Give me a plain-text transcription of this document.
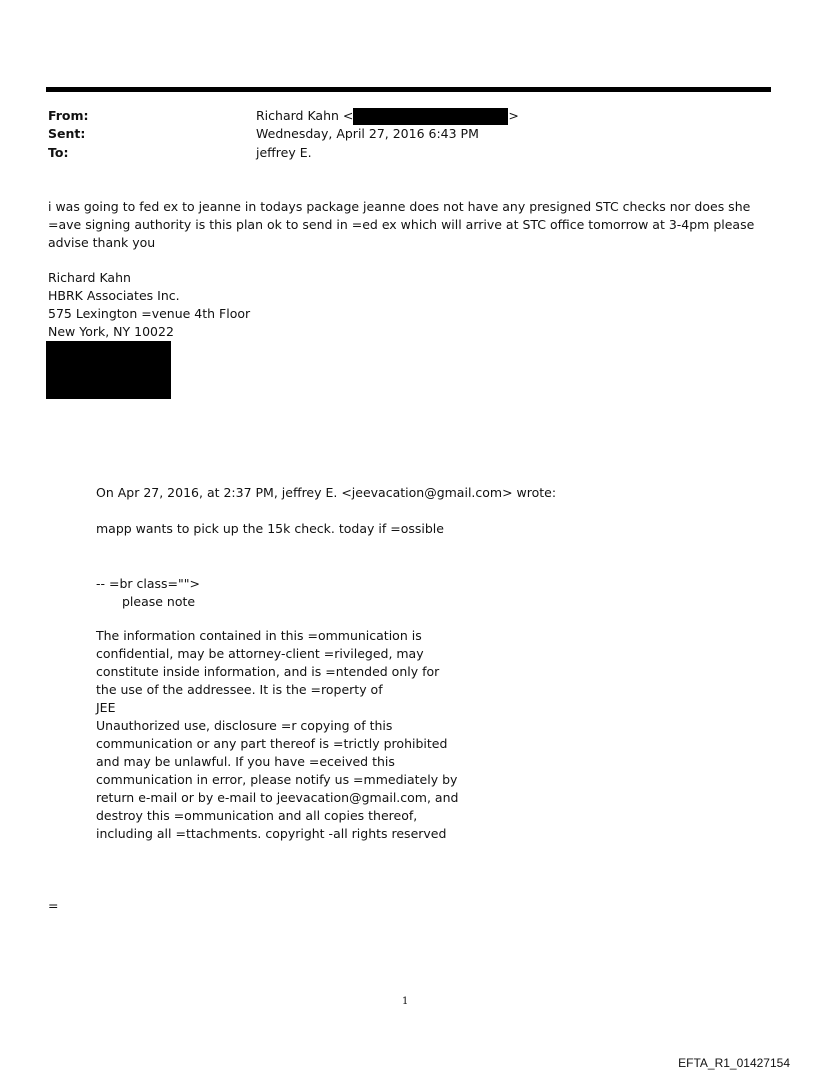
From:	Richard Kahn <	>
Sent:	Wednesday, April 27, 2016 6:43 PM
To:	jeffrey E.
i was going to fed ex to jeanne in todays package jeanne does not have any presigned STC checks nor does she =ave signing authority is this plan ok to send in =ed ex which will arrive at STC office tomorrow at 3-4pm please advise thank you
Richard Kahn
HBRK Associates Inc.
575 Lexington =venue 4th Floor
New York, NY 10022
On Apr 27, 2016, at 2:37 PM, jeffrey E. <jeevacation@gmail.com> wrote:
mapp wants to pick up the 15k check. today if =ossible
-- =br class="">
please note
The information contained in this =ommunication is
confidential, may be attorney-client =rivileged, may
constitute inside information, and is =ntended only for
the use of the addressee. It is the =roperty of
JEE
Unauthorized use, disclosure =r copying of this
communication or any part thereof is =trictly prohibited
and may be unlawful. If you have =eceived this
communication in error, please notify us =mmediately by
return e-mail or by e-mail to jeevacation@gmail.com, and
destroy this =ommunication and all copies thereof,
including all =ttachments. copyright -all rights reserved
=
1
EFTA_R1_01427154
